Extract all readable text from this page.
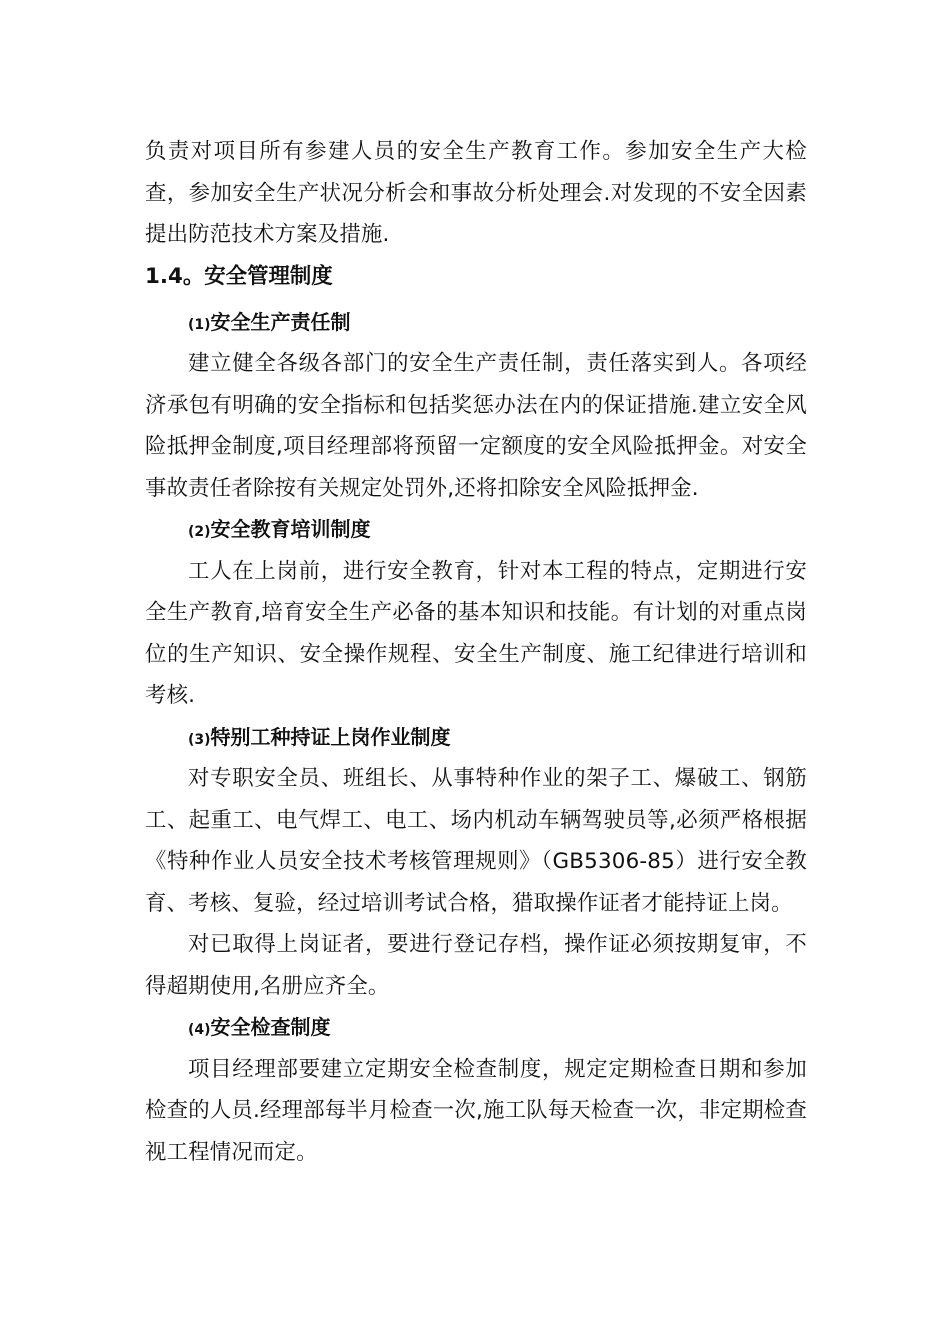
负责对项目所有参建人员的安全生产教育工作。参加安全生产大检查，参加安全生产状况分析会和事故分析处理会.对发现的不安全因素提出防范技术方案及措施.

1.4。安全管理制度
(1)安全生产责任制

建立健全各级各部门的安全生产责任制，责任落实到人。各项经济承包有明确的安全指标和包括奖惩办法在内的保证措施.建立安全风险抵押金制度,项目经理部将预留一定额度的安全风险抵押金。对安全事故责任者除按有关规定处罚外,还将扣除安全风险抵押金.

(2)安全教育培训制度

工人在上岗前，进行安全教育，针对本工程的特点，定期进行安全生产教育,培育安全生产必备的基本知识和技能。有计划的对重点岗位的生产知识、安全操作规程、安全生产制度、施工纪律进行培训和考核.

(3)特别工种持证上岗作业制度

对专职安全员、班组长、从事特种作业的架子工、爆破工、钢筋工、起重工、电气焊工、电工、场内机动车辆驾驶员等,必须严格根据《特种作业人员安全技术考核管理规则》（GB5306-85）进行安全教育、考核、复验，经过培训考试合格，猎取操作证者才能持证上岗。

对已取得上岗证者，要进行登记存档，操作证必须按期复审，不得超期使用,名册应齐全。

(4)安全检查制度

项目经理部要建立定期安全检查制度，规定定期检查日期和参加检查的人员.经理部每半月检查一次,施工队每天检查一次，非定期检查视工程情况而定。
